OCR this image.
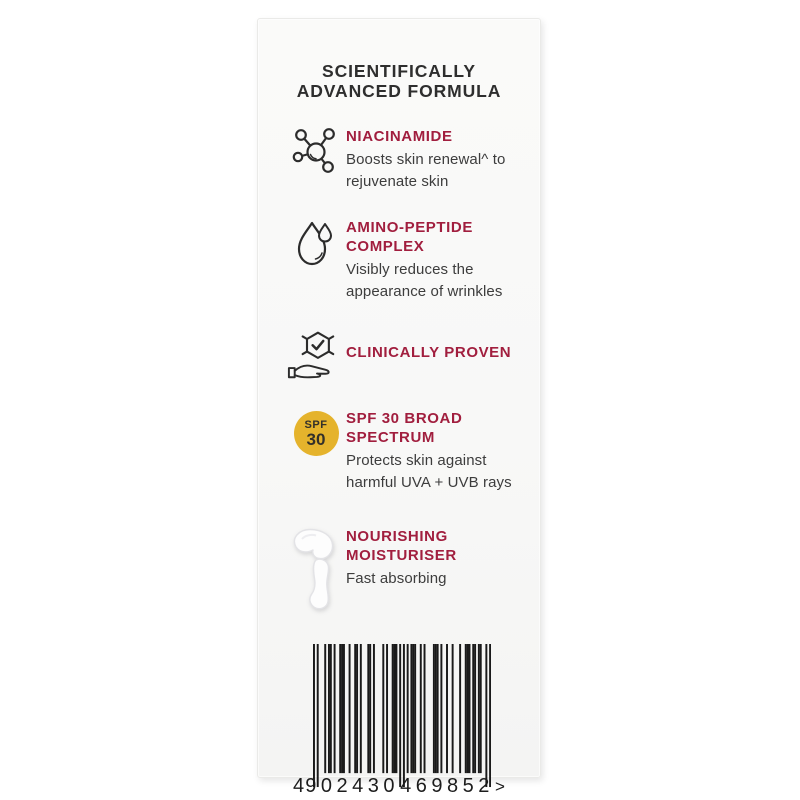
SCIENTIFICALLY ADVANCED FORMULA
NIACINAMIDE
Boosts skin renewal^ to rejuvenate skin
AMINO-PEPTIDE COMPLEX
Visibly reduces the appearance of wrinkles
CLINICALLY PROVEN
SPF
30
SPF 30 BROAD SPECTRUM
Protects skin against harmful UVA + UVB rays
NOURISHING MOISTURISER
Fast absorbing
4 902430 469852 >
